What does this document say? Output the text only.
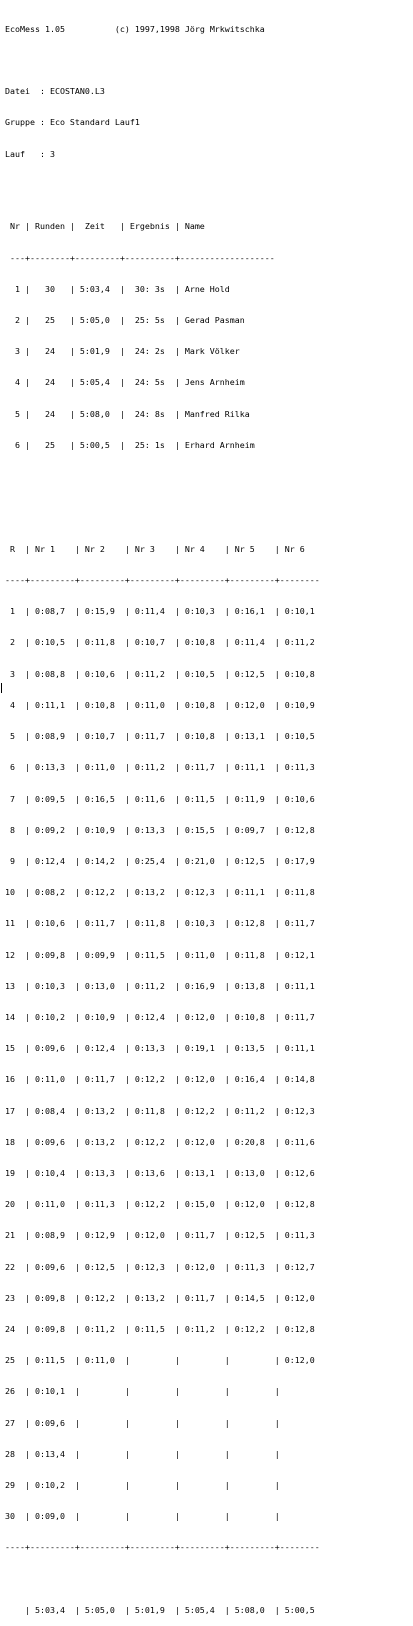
EcoMess 1.05	(c) 1997,1998 Jörg Mrkwitschka

Datei  : ECOSTAN0.L3

Gruppe : Eco Standard Lauf1

Lauf   : 3

Nr | Runden |  Zeit   | Ergebnis | Name

---+--------+---------+----------+-------------------

1 |   30   | 5:03,4  |  30: 3s  | Arne Hold

2 |   25   | 5:05,0  |  25: 5s  | Gerad Pasman

3 |   24   | 5:01,9  |  24: 2s  | Mark Völker

4 |   24   | 5:05,4  |  24: 5s  | Jens Arnheim

5 |   24   | 5:08,0  |  24: 8s  | Manfred Rilka

6 |   25   | 5:00,5  |  25: 1s  | Erhard Arnheim

R  | Nr 1    | Nr 2    | Nr 3    | Nr 4    | Nr 5    | Nr 6

----+---------+---------+---------+---------+---------+--------

1  | 0:08,7  | 0:15,9  | 0:11,4  | 0:10,3  | 0:16,1  | 0:10,1

2  | 0:10,5  | 0:11,8  | 0:10,7  | 0:10,8  | 0:11,4  | 0:11,2

3  | 0:08,8  | 0:10,6  | 0:11,2  | 0:10,5  | 0:12,5  | 0:10,8

4  | 0:11,1  | 0:10,8  | 0:11,0  | 0:10,8  | 0:12,0  | 0:10,9

5  | 0:08,9  | 0:10,7  | 0:11,7  | 0:10,8  | 0:13,1  | 0:10,5

6  | 0:13,3  | 0:11,0  | 0:11,2  | 0:11,7  | 0:11,1  | 0:11,3

7  | 0:09,5  | 0:16,5  | 0:11,6  | 0:11,5  | 0:11,9  | 0:10,6

8  | 0:09,2  | 0:10,9  | 0:13,3  | 0:15,5  | 0:09,7  | 0:12,8

9  | 0:12,4  | 0:14,2  | 0:25,4  | 0:21,0  | 0:12,5  | 0:17,9

10  | 0:08,2  | 0:12,2  | 0:13,2  | 0:12,3  | 0:11,1  | 0:11,8

11  | 0:10,6  | 0:11,7  | 0:11,8  | 0:10,3  | 0:12,8  | 0:11,7

12  | 0:09,8  | 0:09,9  | 0:11,5  | 0:11,0  | 0:11,8  | 0:12,1

13  | 0:10,3  | 0:13,0  | 0:11,2  | 0:16,9  | 0:13,8  | 0:11,1

14  | 0:10,2  | 0:10,9  | 0:12,4  | 0:12,0  | 0:10,8  | 0:11,7

15  | 0:09,6  | 0:12,4  | 0:13,3  | 0:19,1  | 0:13,5  | 0:11,1

16  | 0:11,0  | 0:11,7  | 0:12,2  | 0:12,0  | 0:16,4  | 0:14,8

17  | 0:08,4  | 0:13,2  | 0:11,8  | 0:12,2  | 0:11,2  | 0:12,3

18  | 0:09,6  | 0:13,2  | 0:12,2  | 0:12,0  | 0:20,8  | 0:11,6

19  | 0:10,4  | 0:13,3  | 0:13,6  | 0:13,1  | 0:13,0  | 0:12,6

20  | 0:11,0  | 0:11,3  | 0:12,2  | 0:15,0  | 0:12,0  | 0:12,8

21  | 0:08,9  | 0:12,9  | 0:12,0  | 0:11,7  | 0:12,5  | 0:11,3

22  | 0:09,6  | 0:12,5  | 0:12,3  | 0:12,0  | 0:11,3  | 0:12,7

23  | 0:09,8  | 0:12,2  | 0:13,2  | 0:11,7  | 0:14,5  | 0:12,0

24  | 0:09,8  | 0:11,2  | 0:11,5  | 0:11,2  | 0:12,2  | 0:12,8

25  | 0:11,5  | 0:11,0  |         |         |         | 0:12,0

26  | 0:10,1  |         |         |         |         |

27  | 0:09,6  |         |         |         |         |

28  | 0:13,4  |         |         |         |         |

29  | 0:10,2  |         |         |         |         |

30  | 0:09,0  |         |         |         |         |

----+---------+---------+---------+---------+---------+--------

| 5:03,4  | 5:05,0  | 5:01,9  | 5:05,4  | 5:08,0  | 5:00,5
